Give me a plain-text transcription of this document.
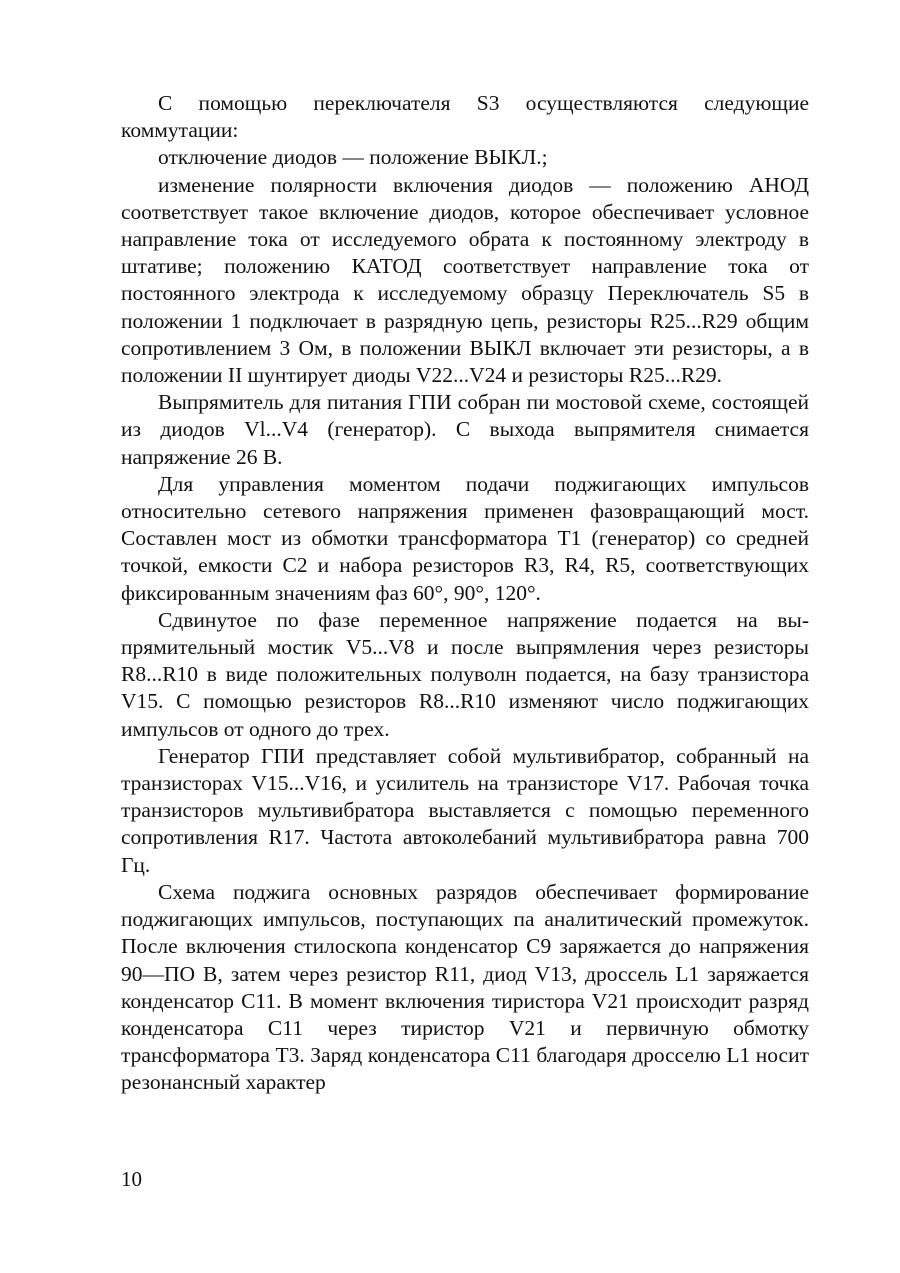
С помощью переключателя S3 осуществляются следующие коммутации:

отключение диодов — положение ВЫКЛ.;

изменение полярности включения диодов — положению АНОД соответствует такое включение диодов, которое обеспечивает условное направление тока от исследуемого обрата к постоянному электроду в штативе; положению КАТОД соответствует направление тока от постоянного электрода к исследуемому образцу Переключатель S5 в положении 1 подключает в разрядную цепь, резисторы R25...R29 общим сопротивлением 3 Ом, в положении ВЫКЛ включает эти резисторы, а в положении II шунтирует диоды V22...V24 и резисторы R25...R29.

Выпрямитель для питания ГПИ собран пи мостовой схеме, состоящей из диодов Vl...V4 (генератор). С выхода выпрямителя снимается напряжение 26 В.

Для управления моментом подачи поджигающих импульсов относительно сетевого напряжения применен фазовращающий мост. Составлен мост из обмотки трансформатора Т1 (генератор) со средней точкой, емкости С2 и набора резисторов R3, R4, R5, соответствующих фиксированным значениям фаз 60°, 90°, 120°.

Сдвинутое по фазе переменное напряжение подается на выпрямительный мостик V5...V8 и после выпрямления через резисторы R8...R10 в виде положительных полуволн подается, на базу транзистора V15. С помощью резисторов R8...R10 изменяют число поджигающих импульсов от одного до трех.

Генератор ГПИ представляет собой мультивибратор, собранный на транзисторах V15...V16, и усилитель на транзисторе V17. Рабочая точка транзисторов мультивибратора выставляется с помощью переменного сопротивления R17. Частота автоколебаний мультивибратора равна 700 Гц.

Схема поджига основных разрядов обеспечивает формирование поджигающих импульсов, поступающих па аналитический промежуток. После включения стилоскопа конденсатор С9 заряжается до напряжения 90—ПО В, затем через резистор R11, диод V13, дроссель L1 заряжается конденсатор С11. В момент включения тиристора V21 происходит разряд конденсатора С11 через тиристор V21 и первичную обмотку трансформатора Т3. Заряд конденсатора С11 благодаря дросселю L1 носит резонансный характер

10
